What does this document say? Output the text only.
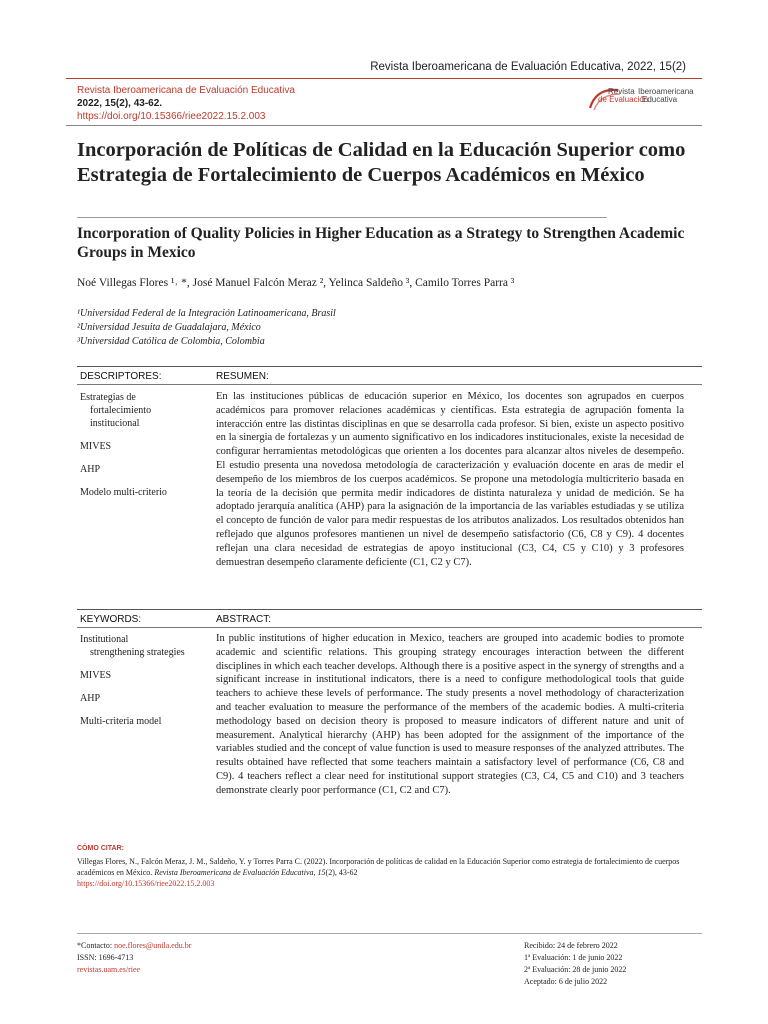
Revista Iberoamericana de Evaluación Educativa, 2022, 15(2)
Revista Iberoamericana de Evaluación Educativa
2022, 15(2), 43-62.
https://doi.org/10.15366/riee2022.15.2.003
Revista Iberoamericana
de Evaluación
Educativa
Incorporación de Políticas de Calidad en la Educación Superior como Estrategia de Fortalecimiento de Cuerpos Académicos en México
Incorporation of Quality Policies in Higher Education as a Strategy to Strengthen Academic Groups in Mexico
Noé Villegas Flores ¹˒ *, José Manuel Falcón Meraz ², Yelinca Saldeño ³, Camilo Torres Parra ³
¹Universidad Federal de la Integración Latinoamericana, Brasil
²Universidad Jesuita de Guadalajara, México
³Universidad Católica de Colombia, Colombia
DESCRIPTORES:	RESUMEN:
Estrategias de

fortalecimiento
institucional
MIVES
AHP
Modelo multi-criterio
En las instituciones públicas de educación superior en México, los docentes son agrupados en cuerpos académicos para promover relaciones académicas y científicas. Esta estrategia de agrupación fomenta la interacción entre las distintas disciplinas en que se desarrolla cada profesor. Si bien, existe un aspecto positivo en la sinergia de fortalezas y un aumento significativo en los indicadores institucionales, existe la necesidad de configurar herramientas metodológicas que orienten a los docentes para alcanzar altos niveles de desempeño. El estudio presenta una novedosa metodología de caracterización y evaluación docente en aras de medir el desempeño de los miembros de los cuerpos académicos. Se propone una metodología multicriterio basada en la teoría de la decisión que permita medir indicadores de distinta naturaleza y unidad de medición. Se ha adoptado jerarquía analítica (AHP) para la asignación de la importancia de las variables estudiadas y se utiliza el concepto de función de valor para medir respuestas de los atributos analizados. Los resultados obtenidos han reflejado que algunos profesores mantienen un nivel de desempeño satisfactorio (C6, C8 y C9). 4 docentes reflejan una clara necesidad de estrategias de apoyo institucional (C3, C4, C5 y C10) y 3 profesores demuestran desempeño claramente deficiente (C1, C2 y C7).
KEYWORDS:	ABSTRACT:
Institutional

strengthening strategies
MIVES
AHP
Multi-criteria model
In public institutions of higher education in Mexico, teachers are grouped into academic bodies to promote academic and scientific relations. This grouping strategy encourages interaction between the different disciplines in which each teacher develops. Although there is a positive aspect in the synergy of strengths and a significant increase in institutional indicators, there is a need to configure methodological tools that guide teachers to achieve these levels of performance. The study presents a novel methodology of characterization and teacher evaluation to measure the performance of the members of the academic bodies. A multi-criteria methodology based on decision theory is proposed to measure indicators of different nature and unit of measurement. Analytical hierarchy (AHP) has been adopted for the assignment of the importance of the variables studied and the concept of value function is used to measure responses of the analyzed attributes. The results obtained have reflected that some teachers maintain a satisfactory level of performance (C6, C8 and C9). 4 teachers reflect a clear need for institutional support strategies (C3, C4, C5 and C10) and 3 teachers demonstrate clearly poor performance (C1, C2 and C7).
CÓMO CITAR:
Villegas Flores, N., Falcón Meraz, J. M., Saldeño, Y. y Torres Parra C. (2022). Incorporación de políticas de calidad en la Educación Superior como estrategia de fortalecimiento de cuerpos académicos en México. Revista Iberoamericana de Evaluación Educativa, 15(2), 43-62
https://doi.org/10.15366/riee2022.15.2.003
*Contacto: noe.flores@unila.edu.br
ISSN: 1696-4713
revistas.uam.es/riee
Recibido: 24 de febrero 2022
1ª Evaluación: 1 de junio 2022
2ª Evaluación: 28 de junio 2022
Aceptado: 6 de julio 2022
